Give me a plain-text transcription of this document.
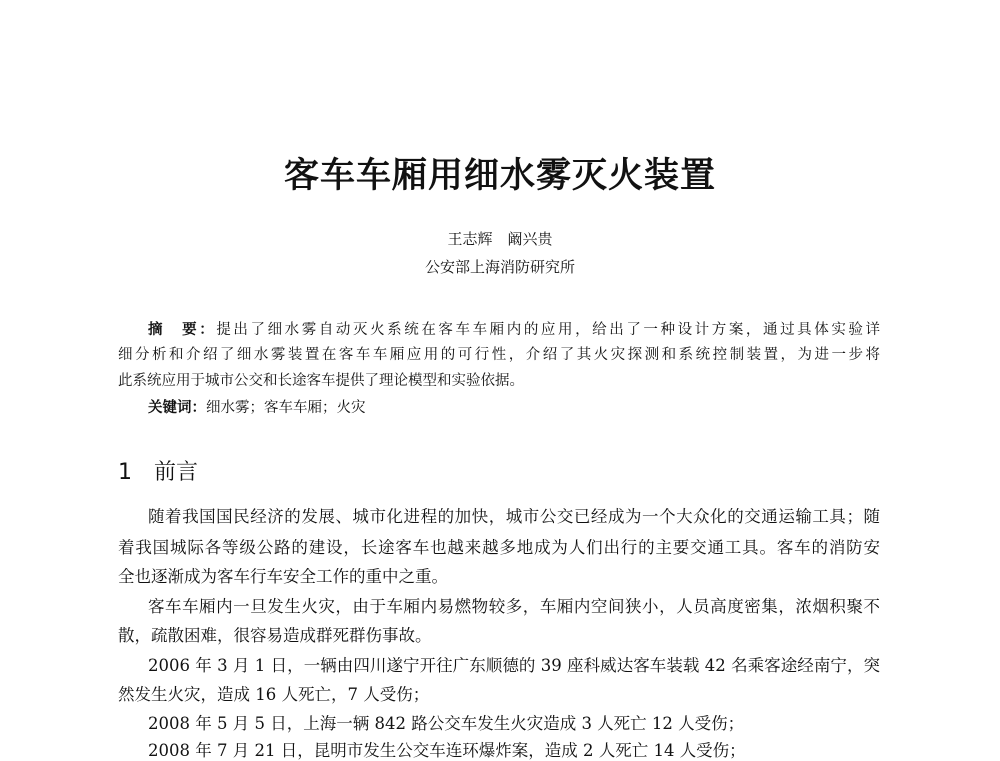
客车车厢用细水雾灭火装置
王志辉　阚兴贵
公安部上海消防研究所
摘　要：提出了细水雾自动灭火系统在客车车厢内的应用，给出了一种设计方案，通过具体实验详
细分析和介绍了细水雾装置在客车车厢应用的可行性，介绍了其火灾探测和系统控制装置，为进一步将
此系统应用于城市公交和长途客车提供了理论模型和实验依据。
关键词：细水雾；客车车厢；火灾
1 前言
随着我国国民经济的发展、城市化进程的加快，城市公交已经成为一个大众化的交通运输工具；随
着我国城际各等级公路的建设，长途客车也越来越多地成为人们出行的主要交通工具。客车的消防安
全也逐渐成为客车行车安全工作的重中之重。
客车车厢内一旦发生火灾，由于车厢内易燃物较多，车厢内空间狭小，人员高度密集，浓烟积聚不
散，疏散困难，很容易造成群死群伤事故。
2006 年 3 月 1 日，一辆由四川遂宁开往广东顺德的 39 座科威达客车装载 42 名乘客途经南宁，突
然发生火灾，造成 16 人死亡，7 人受伤；
2008 年 5 月 5 日，上海一辆 842 路公交车发生火灾造成 3 人死亡 12 人受伤；
2008 年 7 月 21 日，昆明市发生公交车连环爆炸案，造成 2 人死亡 14 人受伤；
